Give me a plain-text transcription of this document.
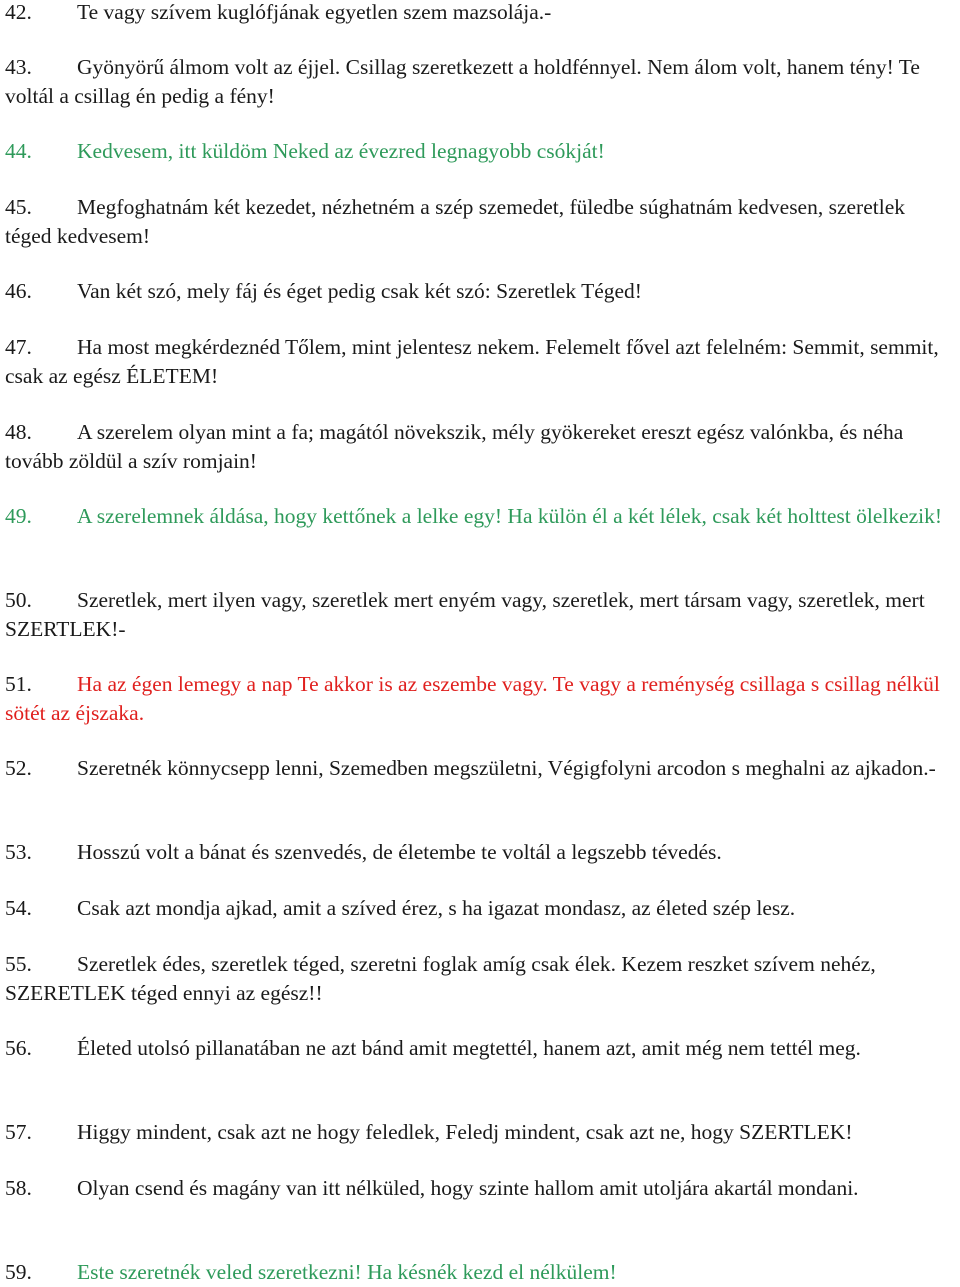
42. Te vagy szívem kuglófjának egyetlen szem mazsolája.-

43. Gyönyörű álmom volt az éjjel. Csillag szeretkezett a holdfénnyel. Nem álom volt, hanem tény! Te voltál a csillag én pedig a fény!

44. Kedvesem, itt küldöm Neked az évezred legnagyobb csókját!

45. Megfoghatnám két kezedet, nézhetném a szép szemedet, füledbe súghatnám kedvesen, szeretlek téged kedvesem!

46. Van két szó, mely fáj és éget pedig csak két szó: Szeretlek Téged!

47. Ha most megkérdeznéd Tőlem, mint jelentesz nekem. Felemelt fővel azt felelném: Semmit, semmit, csak az egész ÉLETEM!

48. A szerelem olyan mint a fa; magától növekszik, mély gyökereket ereszt egész valónkba, és néha tovább zöldül a szív romjain!

49. A szerelemnek áldása, hogy kettőnek a lelke egy! Ha külön él a két lélek, csak két holttest ölelkezik!

50. Szeretlek, mert ilyen vagy, szeretlek mert enyém vagy, szeretlek, mert társam vagy, szeretlek, mert SZERTLEK!-

51. Ha az égen lemegy a nap Te akkor is az eszembe vagy. Te vagy a reménység csillaga s csillag nélkül sötét az éjszaka.

52. Szeretnék könnycsepp lenni, Szemedben megszületni, Végigfolyni arcodon s meghalni az ajkadon.-

53. Hosszú volt a bánat és szenvedés, de életembe te voltál a legszebb tévedés.

54. Csak azt mondja ajkad, amit a szíved érez, s ha igazat mondasz, az életed szép lesz.

55. Szeretlek édes, szeretlek téged, szeretni foglak amíg csak élek. Kezem reszket szívem nehéz, SZERETLEK téged ennyi az egész!!

56. Életed utolsó pillanatában ne azt bánd amit megtettél, hanem azt, amit még nem tettél meg.

57. Higgy mindent, csak azt ne hogy feledlek, Feledj mindent, csak azt ne, hogy SZERTLEK!

58. Olyan csend és magány van itt nélküled, hogy szinte hallom amit utoljára akartál mondani.

59. Este szeretnék veled szeretkezni! Ha késnék kezd el nélkülem!
